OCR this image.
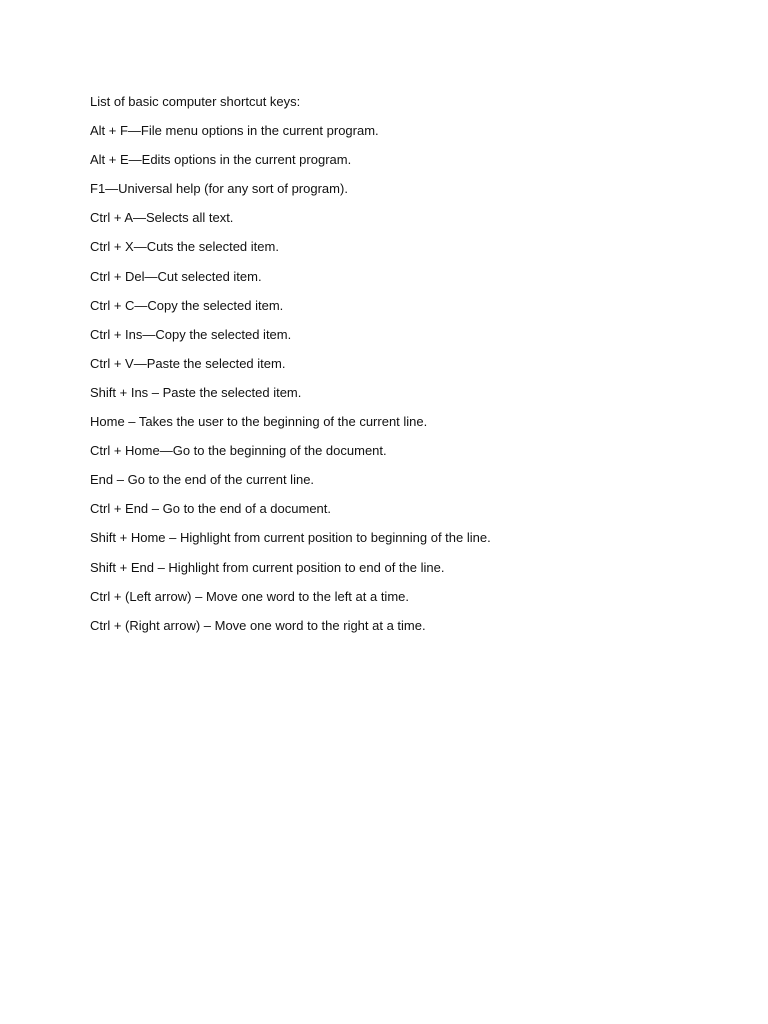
List of basic computer shortcut keys:
Alt + F—File menu options in the current program.
Alt + E—Edits options in the current program.
F1—Universal help (for any sort of program).
Ctrl + A—Selects all text.
Ctrl + X—Cuts the selected item.
Ctrl + Del—Cut selected item.
Ctrl + C—Copy the selected item.
Ctrl + Ins—Copy the selected item.
Ctrl + V—Paste the selected item.
Shift + Ins – Paste the selected item.
Home – Takes the user to the beginning of the current line.
Ctrl + Home—Go to the beginning of the document.
End – Go to the end of the current line.
Ctrl + End – Go to the end of a document.
Shift + Home – Highlight from current position to beginning of the line.
Shift + End – Highlight from current position to end of the line.
Ctrl + (Left arrow) – Move one word to the left at a time.
Ctrl + (Right arrow) – Move one word to the right at a time.
